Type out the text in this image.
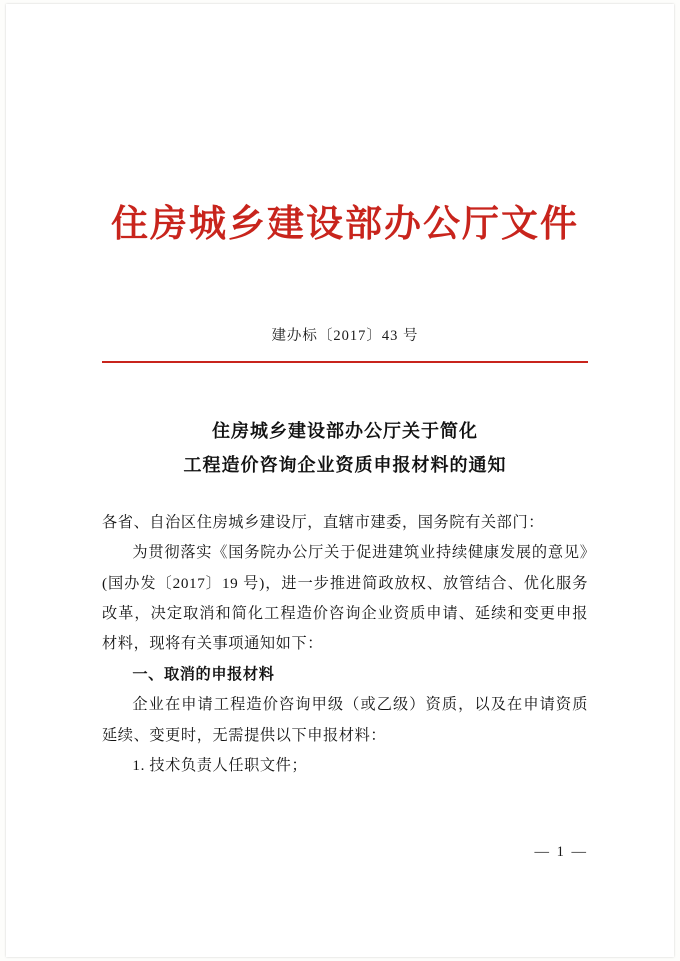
住房城乡建设部办公厅文件
建办标〔2017〕43 号
住房城乡建设部办公厅关于简化
工程造价咨询企业资质申报材料的通知

各省、自治区住房城乡建设厅，直辖市建委，国务院有关部门：

为贯彻落实《国务院办公厅关于促进建筑业持续健康发展的意见》(国办发〔2017〕19 号)，进一步推进简政放权、放管结合、优化服务改革，决定取消和简化工程造价咨询企业资质申请、延续和变更申报材料，现将有关事项通知如下：

一、取消的申报材料

企业在申请工程造价咨询甲级（或乙级）资质，以及在申请资质延续、变更时，无需提供以下申报材料：

1. 技术负责人任职文件；

— 1 —
